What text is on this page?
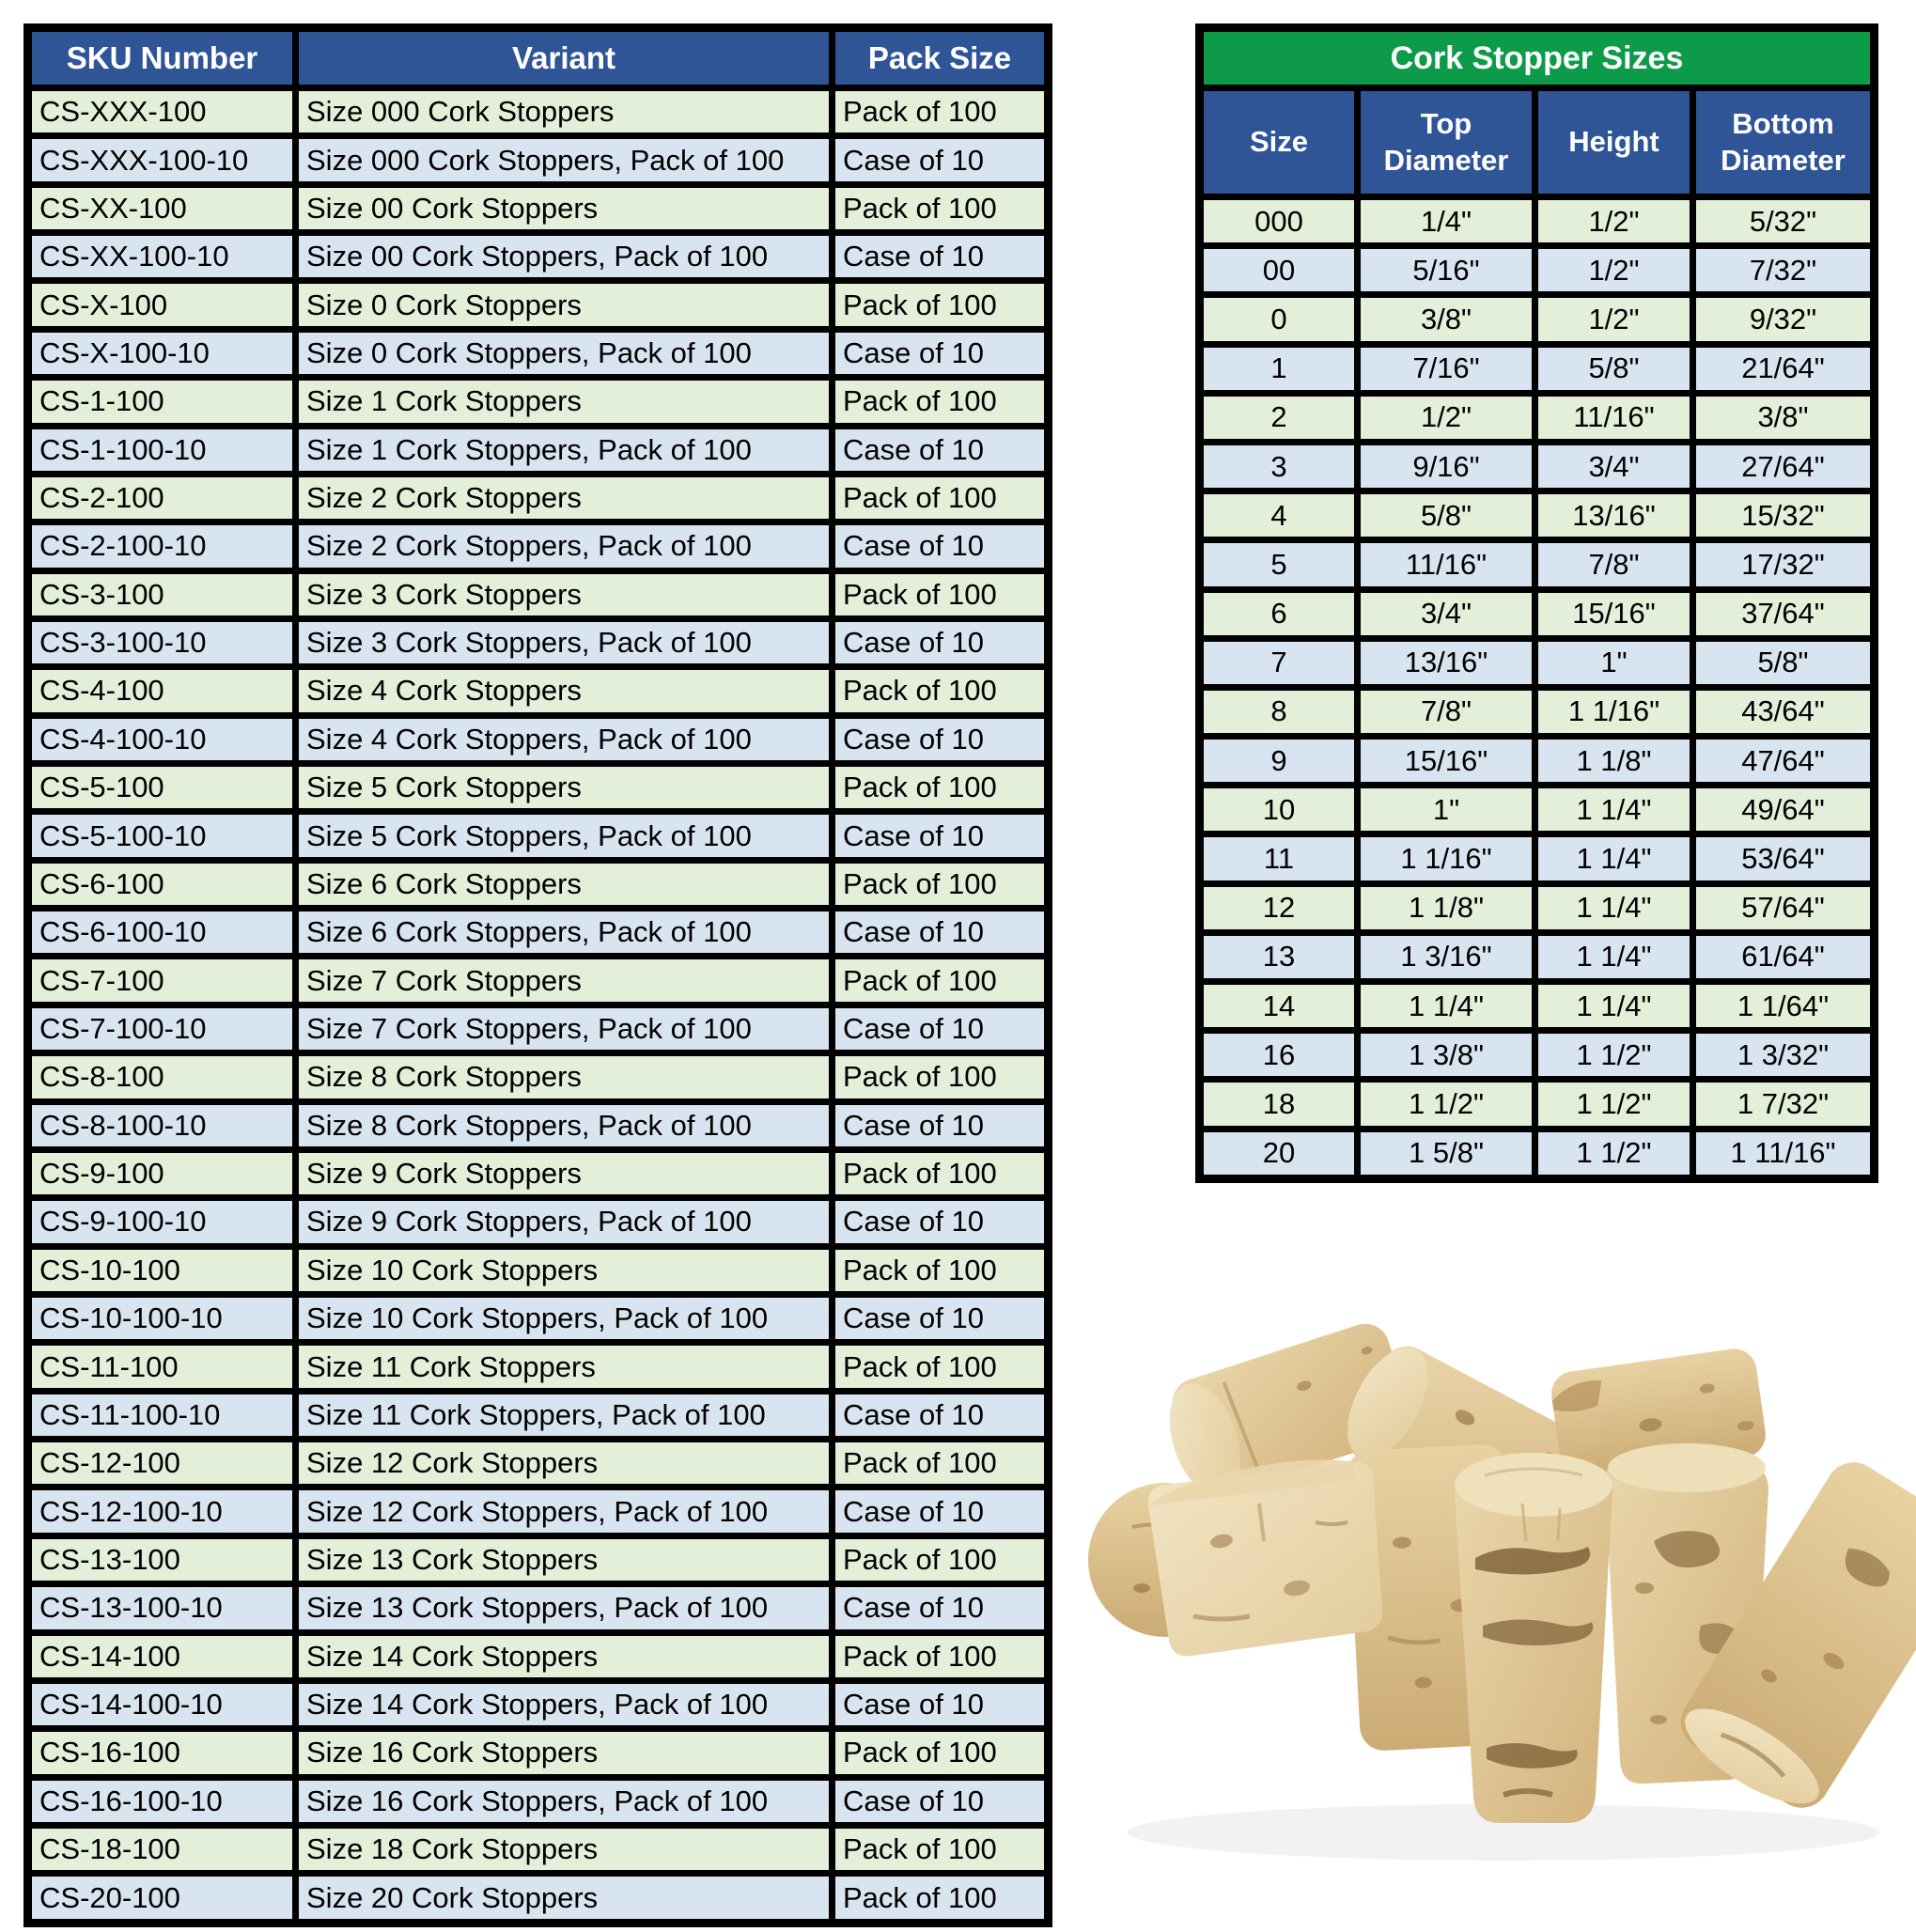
SKU Number	Variant	Pack Size
CS-XXX-100	Size 000 Cork Stoppers	Pack of 100
CS-XXX-100-10	Size 000 Cork Stoppers, Pack of 100	Case of 10
CS-XX-100	Size 00 Cork Stoppers	Pack of 100
CS-XX-100-10	Size 00 Cork Stoppers, Pack of 100	Case of 10
CS-X-100	Size 0 Cork Stoppers	Pack of 100
CS-X-100-10	Size 0 Cork Stoppers, Pack of 100	Case of 10
CS-1-100	Size 1 Cork Stoppers	Pack of 100
CS-1-100-10	Size 1 Cork Stoppers, Pack of 100	Case of 10
CS-2-100	Size 2 Cork Stoppers	Pack of 100
CS-2-100-10	Size 2 Cork Stoppers, Pack of 100	Case of 10
CS-3-100	Size 3 Cork Stoppers	Pack of 100
CS-3-100-10	Size 3 Cork Stoppers, Pack of 100	Case of 10
CS-4-100	Size 4 Cork Stoppers	Pack of 100
CS-4-100-10	Size 4 Cork Stoppers, Pack of 100	Case of 10
CS-5-100	Size 5 Cork Stoppers	Pack of 100
CS-5-100-10	Size 5 Cork Stoppers, Pack of 100	Case of 10
CS-6-100	Size 6 Cork Stoppers	Pack of 100
CS-6-100-10	Size 6 Cork Stoppers, Pack of 100	Case of 10
CS-7-100	Size 7 Cork Stoppers	Pack of 100
CS-7-100-10	Size 7 Cork Stoppers, Pack of 100	Case of 10
CS-8-100	Size 8 Cork Stoppers	Pack of 100
CS-8-100-10	Size 8 Cork Stoppers, Pack of 100	Case of 10
CS-9-100	Size 9 Cork Stoppers	Pack of 100
CS-9-100-10	Size 9 Cork Stoppers, Pack of 100	Case of 10
CS-10-100	Size 10 Cork Stoppers	Pack of 100
CS-10-100-10	Size 10 Cork Stoppers, Pack of 100	Case of 10
CS-11-100	Size 11 Cork Stoppers	Pack of 100
CS-11-100-10	Size 11 Cork Stoppers, Pack of 100	Case of 10
CS-12-100	Size 12 Cork Stoppers	Pack of 100
CS-12-100-10	Size 12 Cork Stoppers, Pack of 100	Case of 10
CS-13-100	Size 13 Cork Stoppers	Pack of 100
CS-13-100-10	Size 13 Cork Stoppers, Pack of 100	Case of 10
CS-14-100	Size 14 Cork Stoppers	Pack of 100
CS-14-100-10	Size 14 Cork Stoppers, Pack of 100	Case of 10
CS-16-100	Size 16 Cork Stoppers	Pack of 100
CS-16-100-10	Size 16 Cork Stoppers, Pack of 100	Case of 10
CS-18-100	Size 18 Cork Stoppers	Pack of 100
CS-20-100	Size 20 Cork Stoppers	Pack of 100
Cork Stopper Sizes			
Size	Top Diameter	Height	Bottom Diameter
000	1/4"	1/2"	5/32"
00	5/16"	1/2"	7/32"
0	3/8"	1/2"	9/32"
1	7/16"	5/8"	21/64"
2	1/2"	11/16"	3/8"
3	9/16"	3/4"	27/64"
4	5/8"	13/16"	15/32"
5	11/16"	7/8"	17/32"
6	3/4"	15/16"	37/64"
7	13/16"	1"	5/8"
8	7/8"	1 1/16"	43/64"
9	15/16"	1 1/8"	47/64"
10	1"	1 1/4"	49/64"
11	1 1/16"	1 1/4"	53/64"
12	1 1/8"	1 1/4"	57/64"
13	1 3/16"	1 1/4"	61/64"
14	1 1/4"	1 1/4"	1 1/64"
16	1 3/8"	1 1/2"	1 3/32"
18	1 1/2"	1 1/2"	1 7/32"
20	1 5/8"	1 1/2"	1 11/16"
